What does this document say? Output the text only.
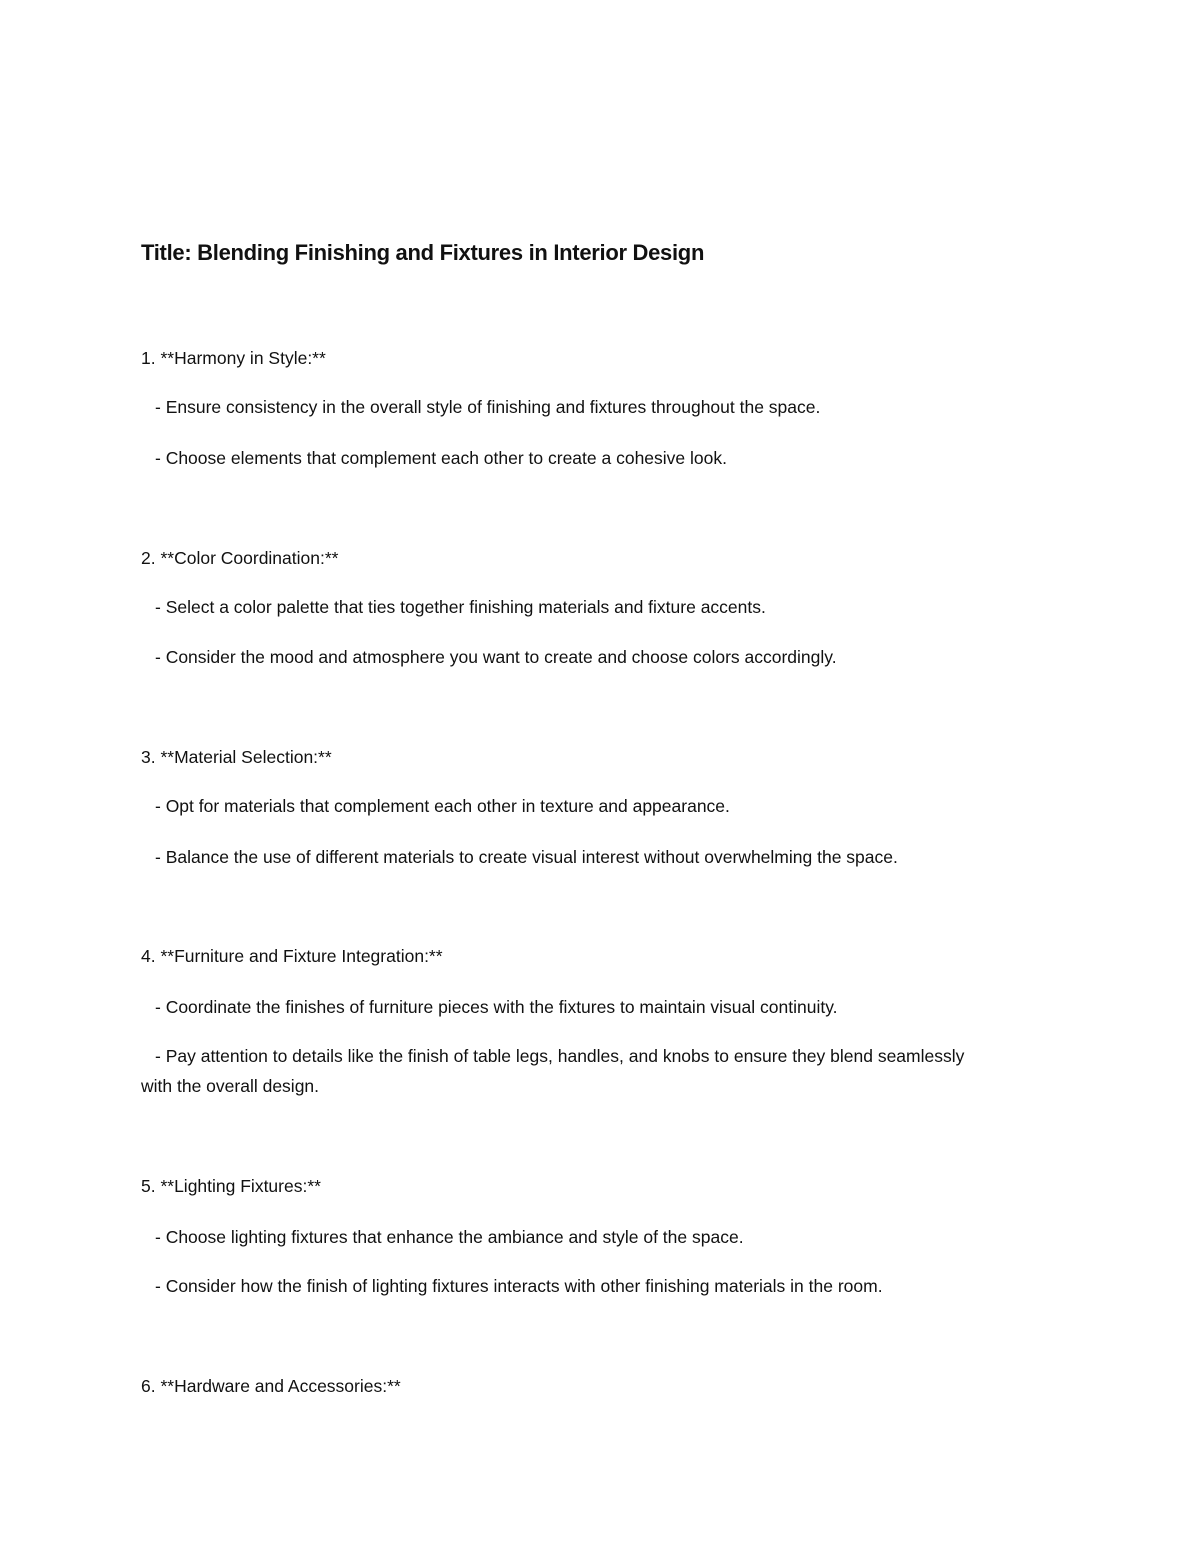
Title: Blending Finishing and Fixtures in Interior Design
1. **Harmony in Style:**
- Ensure consistency in the overall style of finishing and fixtures throughout the space.
- Choose elements that complement each other to create a cohesive look.
2. **Color Coordination:**
- Select a color palette that ties together finishing materials and fixture accents.
- Consider the mood and atmosphere you want to create and choose colors accordingly.
3. **Material Selection:**
- Opt for materials that complement each other in texture and appearance.
- Balance the use of different materials to create visual interest without overwhelming the space.
4. **Furniture and Fixture Integration:**
- Coordinate the finishes of furniture pieces with the fixtures to maintain visual continuity.
- Pay attention to details like the finish of table legs, handles, and knobs to ensure they blend seamlessly with the overall design.
5. **Lighting Fixtures:**
- Choose lighting fixtures that enhance the ambiance and style of the space.
- Consider how the finish of lighting fixtures interacts with other finishing materials in the room.
6. **Hardware and Accessories:**
